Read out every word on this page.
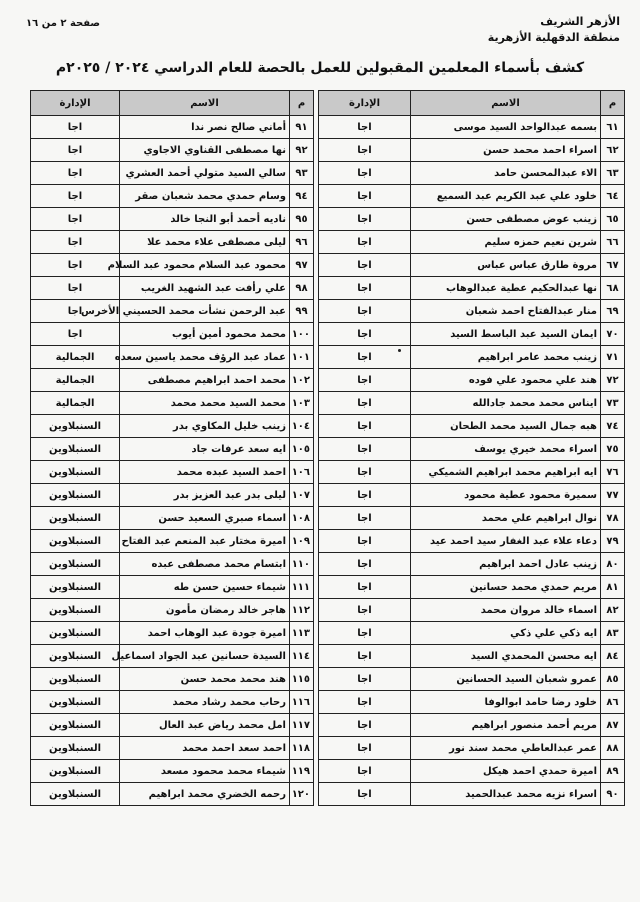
الأزهر الشريف
منطقة الدقهلية الأزهرية
صفحة ٢ من ١٦
كشف بأسماء المعلمين المقبولين للعمل بالحصة للعام الدراسي ٢٠٢٤ / ٢٠٢٥م
م	الاسم	الإدارة
٦١	بسمه عبدالواحد السيد موسى	اجا
٦٢	اسراء احمد محمد حسن	اجا
٦٣	الاء عبدالمحسن حامد	اجا
٦٤	خلود علي عبد الكريم عبد السميع	اجا
٦٥	زينب عوض مصطفى حسن	اجا
٦٦	شرين نعيم حمزه سليم	اجا
٦٧	مروة طارق عباس عباس	اجا
٦٨	نها عبدالحكيم عطية عبدالوهاب	اجا
٦٩	منار عبدالفتاح احمد شعبان	اجا
٧٠	ايمان السيد عبد الباسط السيد	اجا
٧١	زينب محمد عامر ابراهيم	اجا
٧٢	هند علي محمود علي فوده	اجا
٧٣	ايناس محمد محمد جادالله	اجا
٧٤	هبه جمال السيد محمد الطحان	اجا
٧٥	اسراء محمد خيري يوسف	اجا
٧٦	ايه ابراهيم محمد ابراهيم الشميكي	اجا
٧٧	سميرة محمود عطية محمود	اجا
٧٨	نوال ابراهيم علي محمد	اجا
٧٩	دعاء علاء عبد الغفار سيد احمد عيد	اجا
٨٠	زينب عادل احمد ابراهيم	اجا
٨١	مريم حمدي محمد حسانين	اجا
٨٢	اسماء خالد مروان محمد	اجا
٨٣	ايه ذكي علي ذكي	اجا
٨٤	ايه محسن المحمدي السيد	اجا
٨٥	عمرو شعبان السيد الحسانين	اجا
٨٦	خلود رضا حامد ابوالوفا	اجا
٨٧	مريم أحمد منصور ابراهيم	اجا
٨٨	عمر عبدالعاطي محمد سند نور	اجا
٨٩	اميرة حمدي احمد هيكل	اجا
٩٠	اسراء نزيه محمد عبدالحميد	اجا
م	الاسم	الإدارة
٩١	أماني صالح نصر ندا	اجا
٩٢	نها مصطفى القناوي الاجاوي	اجا
٩٣	سالي السيد متولي أحمد العشري	اجا
٩٤	وسام حمدي محمد شعبان صقر	اجا
٩٥	ناديه أحمد أبو النجا خالد	اجا
٩٦	ليلى مصطفى علاء محمد علا	اجا
٩٧	محمود عبد السلام محمود عبد السلام	اجا
٩٨	علي رأفت عبد الشهيد الغريب	اجا
٩٩	عبد الرحمن نشأت محمد الحسيني الأخرس	اجا
١٠٠	محمد محمود أمين أيوب	اجا
١٠١	عماد عبد الرؤف محمد ياسين سعده	الجمالية
١٠٢	محمد احمد ابراهيم مصطفى	الجمالية
١٠٣	محمد السيد محمد محمد	الجمالية
١٠٤	زينب خليل المكاوي بدر	السنبلاوين
١٠٥	ايه سعد عرفات جاد	السنبلاوين
١٠٦	احمد السيد عبده محمد	السنبلاوين
١٠٧	ليلى بدر عبد العزيز بدر	السنبلاوين
١٠٨	اسماء صبري السعيد حسن	السنبلاوين
١٠٩	اميرة مختار عبد المنعم عبد الفتاح	السنبلاوين
١١٠	ابتسام محمد مصطفى عبده	السنبلاوين
١١١	شيماء حسين حسن طه	السنبلاوين
١١٢	هاجر خالد رمضان مأمون	السنبلاوين
١١٣	اميرة جودة عبد الوهاب احمد	السنبلاوين
١١٤	السيدة حسانين عبد الجواد اسماعيل	السنبلاوين
١١٥	هند محمد محمد حسن	السنبلاوين
١١٦	رحاب محمد رشاد محمد	السنبلاوين
١١٧	امل محمد رياض عبد العال	السنبلاوين
١١٨	احمد سعد احمد محمد	السنبلاوين
١١٩	شيماء محمد محمود مسعد	السنبلاوين
١٢٠	رحمه الخضري محمد ابراهيم	السنبلاوين
